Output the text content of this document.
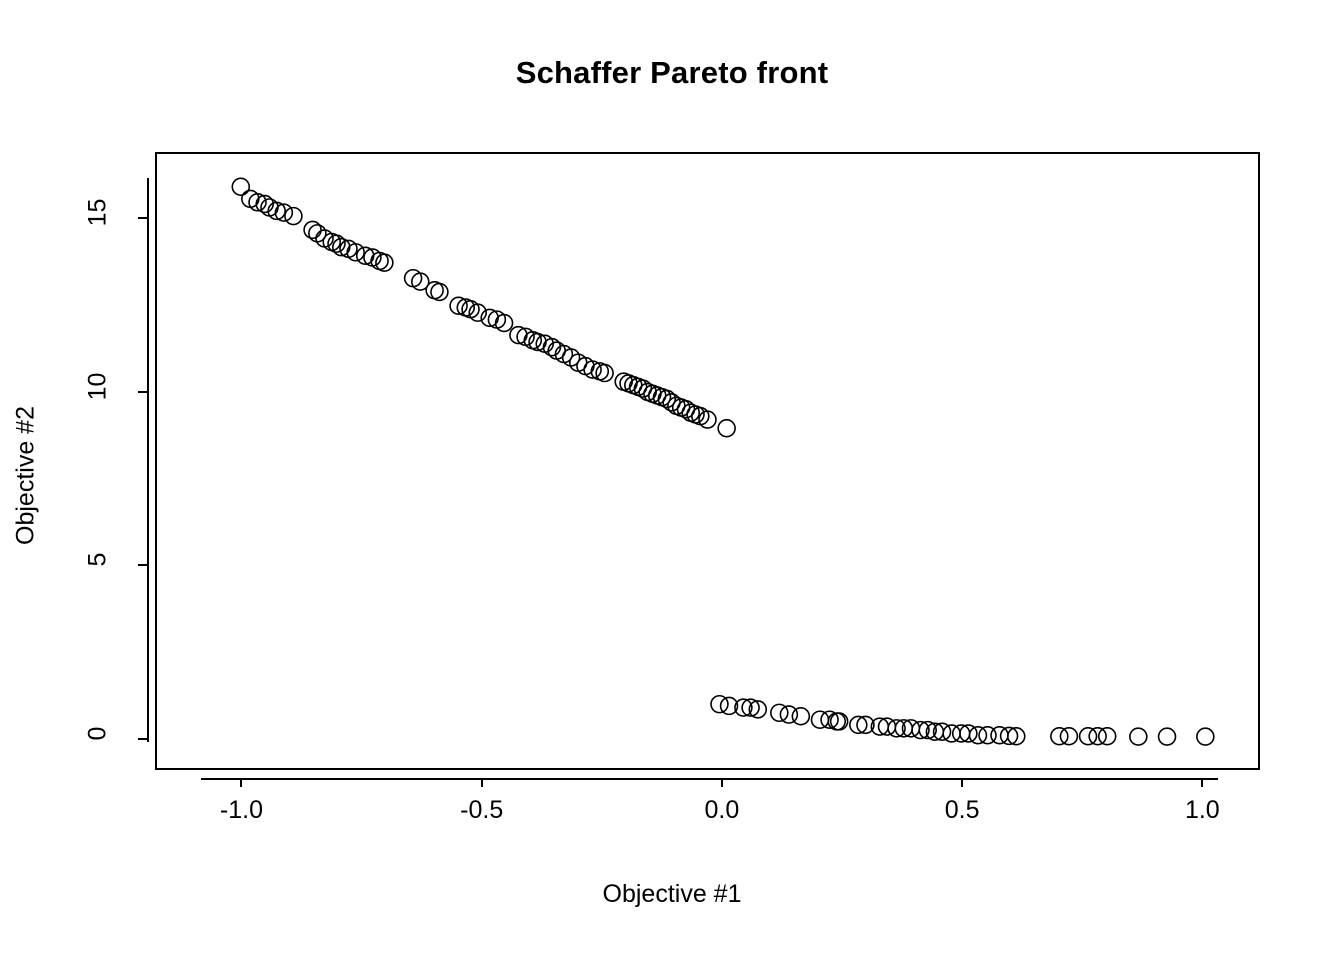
Schaffer Pareto front
0
5
10
15
Objective #2
-1.0	-0.5	0.0	0.5	1.0
Objective #1
